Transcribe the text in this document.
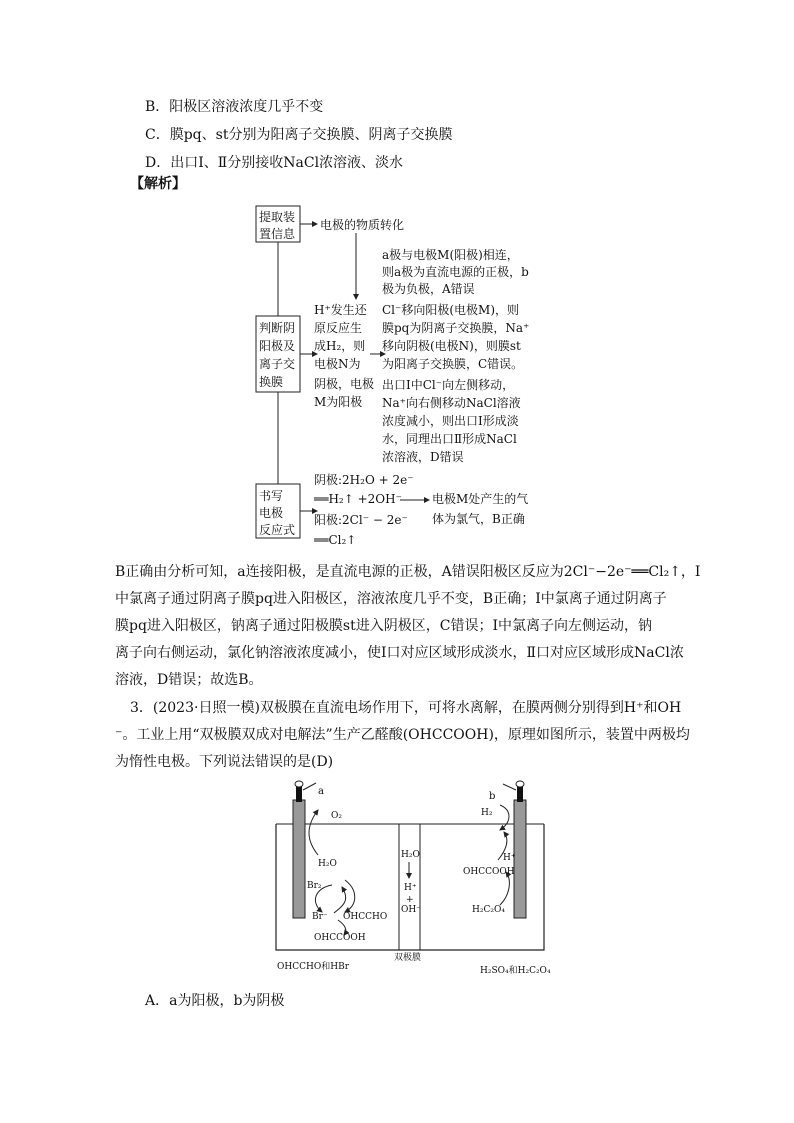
B．阳极区溶液浓度几乎不变
C．膜pq、st分别为阳离子交换膜、阴离子交换膜
D．出口Ⅰ、Ⅱ分别接收NaCl浓溶液、淡水
【解析】
提取装
置信息
电极的物质转化
判断阴
阳极及
离子交
换膜
书写
电极
反应式
H⁺发生还
原反应生
成H₂，则
电极N为
阴极，电极
M为阳极
a极与电极M(阳极)相连，
则a极为直流电源的正极，b
极为负极，A错误
Cl⁻移向阳极(电极M)，则
膜pq为阴离子交换膜，Na⁺
移向阴极(电极N)，则膜st
为阳离子交换膜，C错误。
出口Ⅰ中Cl⁻向左侧移动，
Na⁺向右侧移动NaCl溶液
浓度减小，则出口Ⅰ形成淡
水，同理出口Ⅱ形成NaCl
浓溶液，D错误
阴极:2H₂O + 2e⁻
══H₂↑ +2OH⁻
阳极:2Cl⁻ − 2e⁻
══Cl₂↑
电极M处产生的气
体为氯气，B正确
B正确由分析可知，a连接阳极，是直流电源的正极，A错误阳极区反应为2Cl⁻−2e⁻══Cl₂↑，Ⅰ
中氯离子通过阴离子膜pq进入阳极区，溶液浓度几乎不变，B正确；Ⅰ中氯离子通过阴离子
膜pq进入阳极区，钠离子通过阳极膜st进入阴极区，C错误；Ⅰ中氯离子向左侧运动，钠
离子向右侧运动，氯化钠溶液浓度减小，使Ⅰ口对应区域形成淡水，Ⅱ口对应区域形成NaCl浓
溶液，D错误；故选B。
3．(2023·日照一模)双极膜在直流电场作用下，可将水离解，在膜两侧分别得到H⁺和OH
⁻。工业上用“双极膜双成对电解法”生产乙醛酸(OHCCOOH)，原理如图所示，装置中两极均
为惰性电极。下列说法错误的是(D)
a
O₂
H₂O
Br₂
Br⁻ OHCCHO
OHCCOOH
H₂O
H⁺
+
OH⁻
b
H₂
H⁺
OHCCOOH
H₂C₂O₄
OHCCHO和HBr
双极膜
H₂SO₄和H₂C₂O₄
A．a为阳极，b为阴极
